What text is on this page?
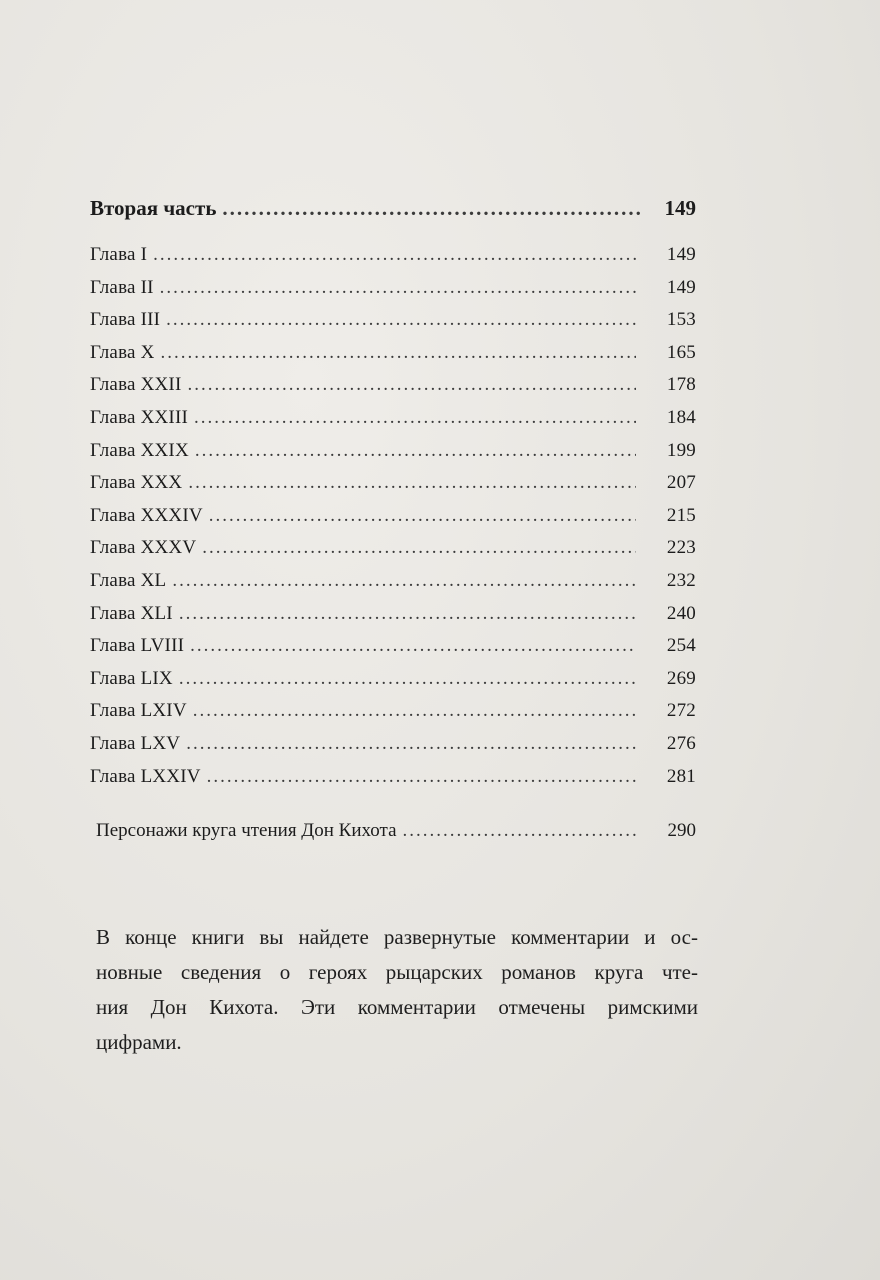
Вторая часть .....	149
Глава I .....	149
Глава II .....	149
Глава III .....	153
Глава X .....	165
Глава XXII .....	178
Глава XXIII .....	184
Глава XXIX .....	199
Глава XXX .....	207
Глава XXXIV .....	215
Глава XXXV .....	223
Глава XL .....	232
Глава XLI .....	240
Глава LVIII .....	254
Глава LIX .....	269
Глава LXIV .....	272
Глава LXV .....	276
Глава LXXIV .....	281
Персонажи круга чтения Дон Кихота .....	290
В конце книги вы найдете развернутые комментарии и ос-
новные сведения о героях рыцарских романов круга чте-
ния Дон Кихота. Эти комментарии отмечены римскими
цифрами.
